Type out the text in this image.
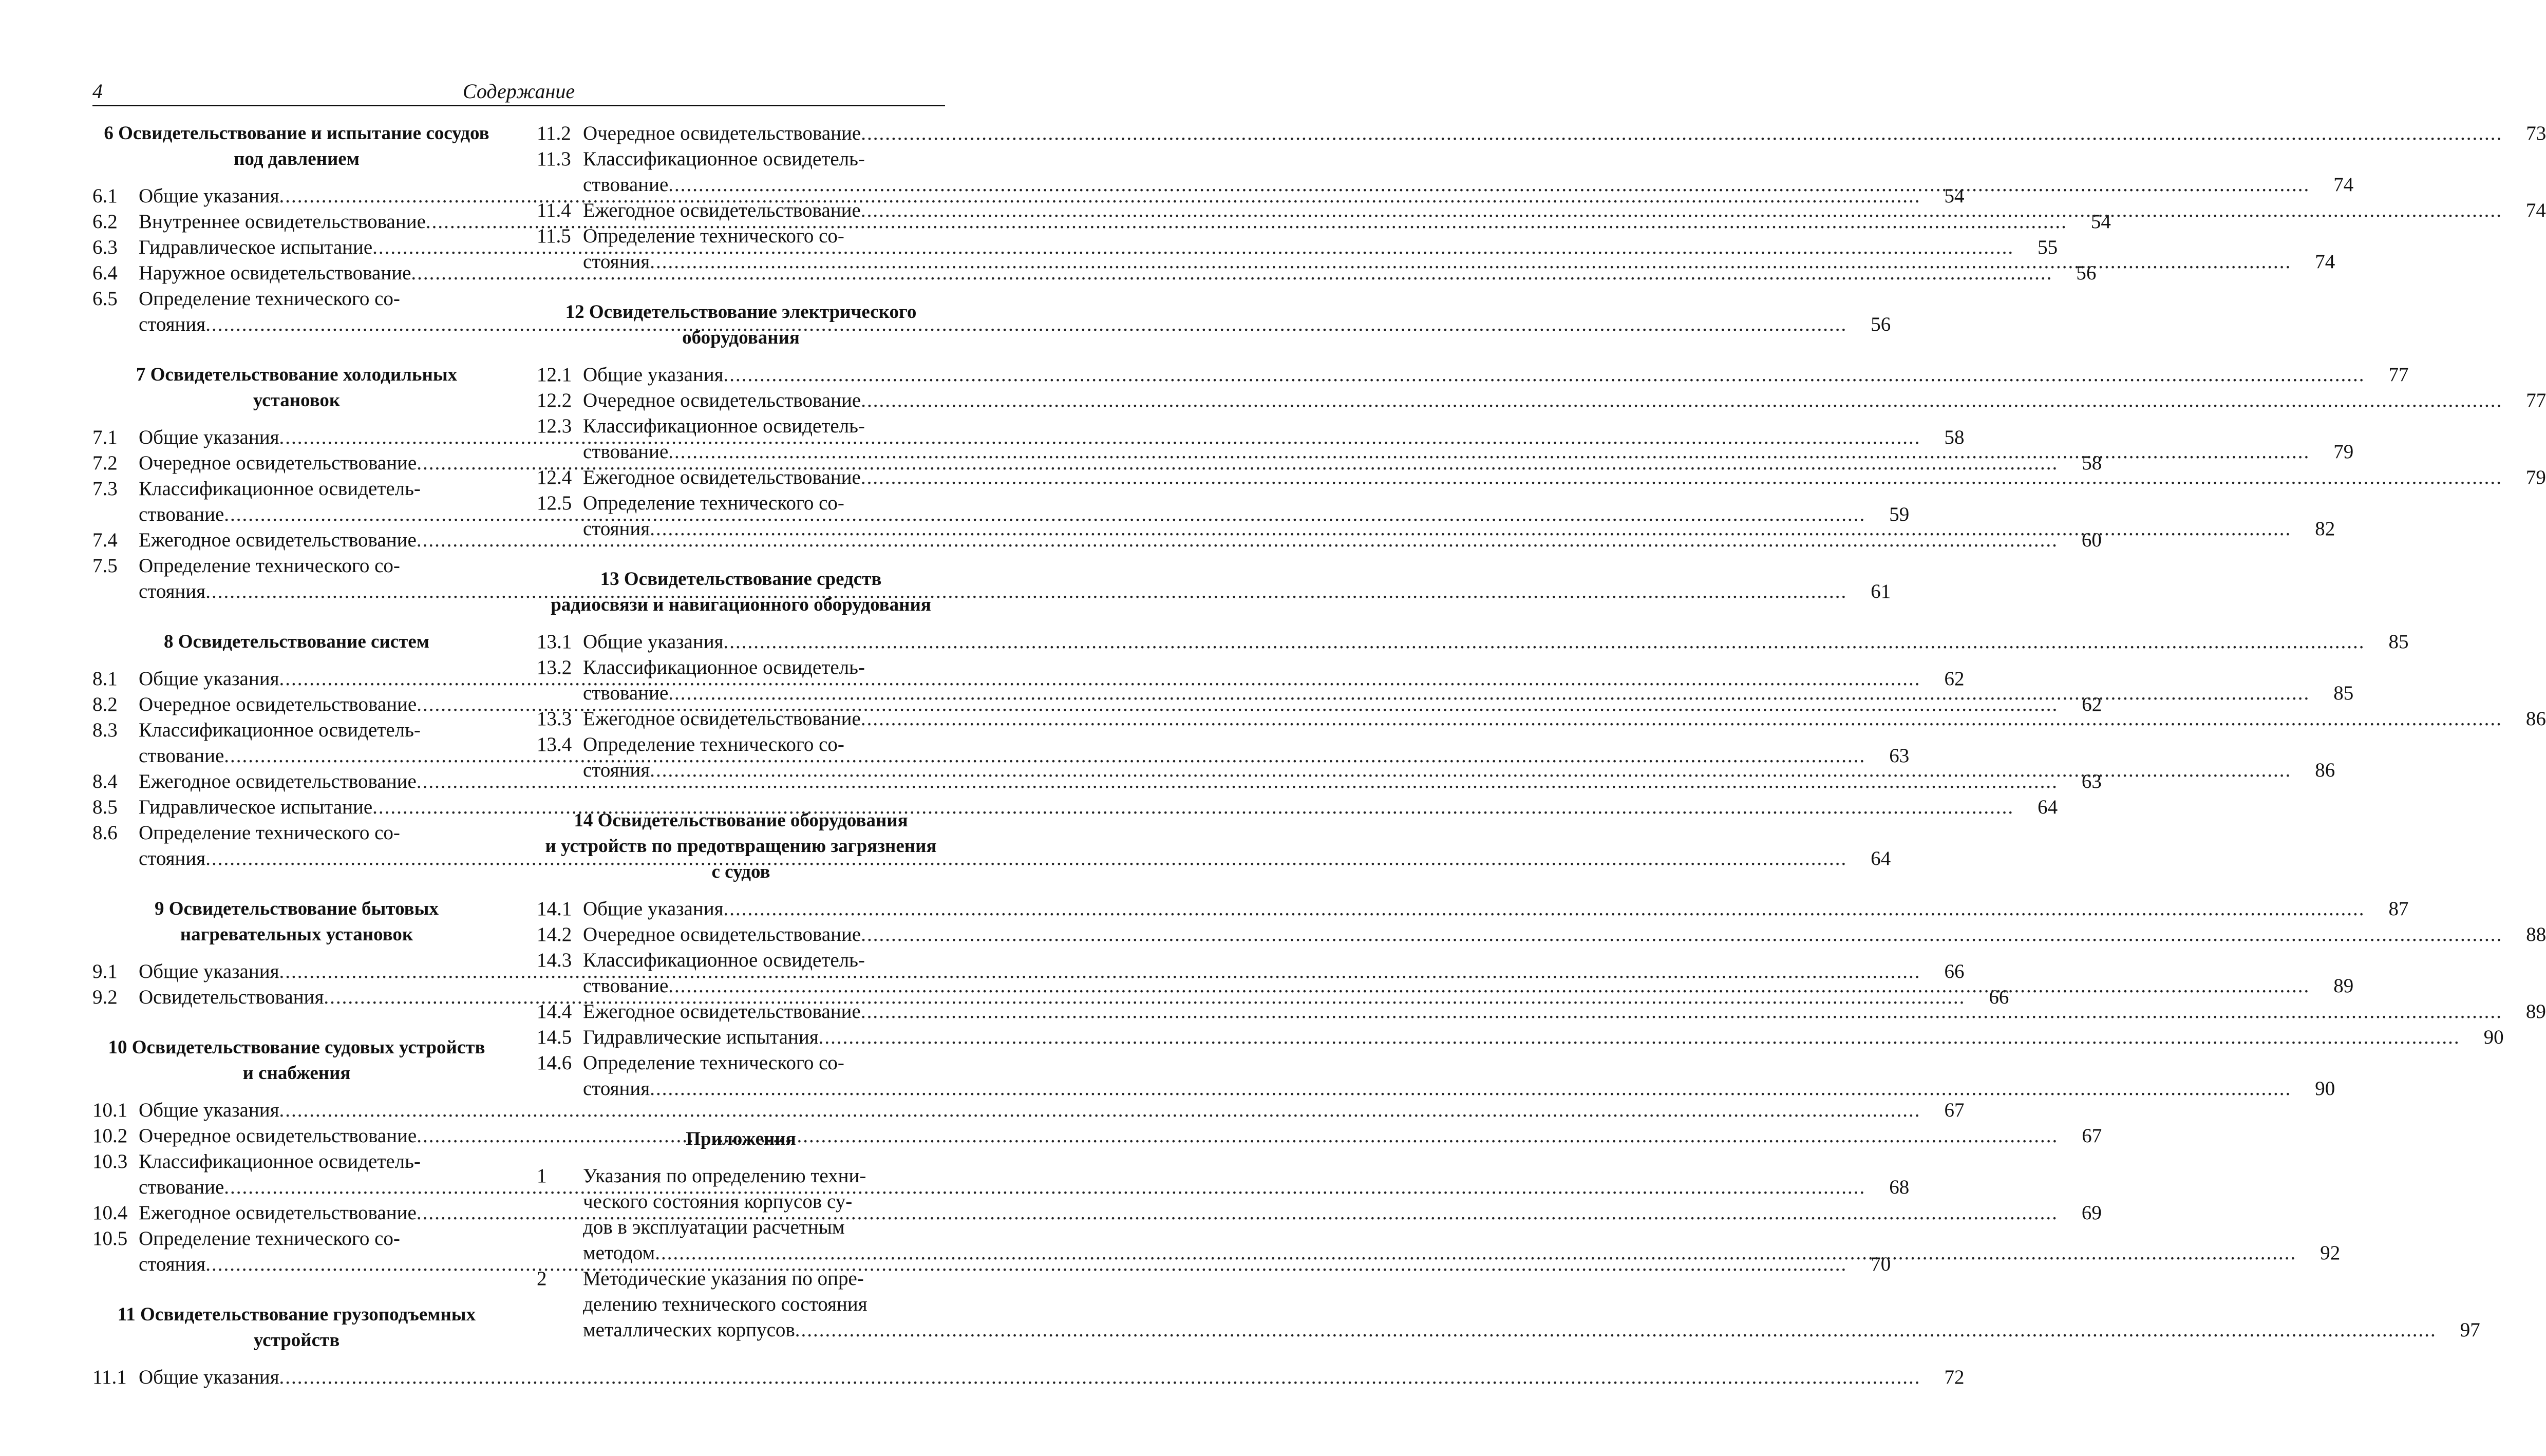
4	Содержание
6 Освидетельствование и испытание сосудов
под давлением
6.1	Общие указания .....	54
6.2	Внутреннее освидетельствование .....	54
6.3	Гидравлическое испытание .....	55
6.4	Наружное освидетельствование .....	56
6.5	Определение технического со-
стояния .....	56
7 Освидетельствование холодильных
установок
7.1	Общие указания .....	58
7.2	Очередное освидетельствование .....	58
7.3	Классификационное освидетель-
ствование .....	59
7.4	Ежегодное освидетельствование .....	60
7.5	Определение технического со-
стояния .....	61
8 Освидетельствование систем
8.1	Общие указания .....	62
8.2	Очередное освидетельствование .....	62
8.3	Классификационное освидетель-
ствование .....	63
8.4	Ежегодное освидетельствование .....	63
8.5	Гидравлическое испытание .....	64
8.6	Определение технического со-
стояния .....	64
9 Освидетельствование бытовых
нагревательных установок
9.1	Общие указания .....	66
9.2	Освидетельствования .....	66
10 Освидетельствование судовых устройств
и снабжения
10.1 Общие указания .....	67
10.2 Очередное освидетельствование .....	67
10.3 Классификационное освидетель-
ствование .....	68
10.4 Ежегодное освидетельствование .....	69
10.5 Определение технического со-
стояния .....	70
11 Освидетельствование грузоподъемных
устройств
11.1 Общие указания .....	72
11.2 Очередное освидетельствование .....	73
11.3 Классификационное освидетель-
ствование .....	74
11.4 Ежегодное освидетельствование .....	74
11.5 Определение технического со-
стояния .....	74
12 Освидетельствование электрического
оборудования
12.1 Общие указания .....	77
12.2 Очередное освидетельствование .....	77
12.3 Классификационное освидетель-
ствование .....	79
12.4 Ежегодное освидетельствование .....	79
12.5 Определение технического со-
стояния .....	82
13 Освидетельствование средств
радиосвязи и навигационного оборудования
13.1 Общие указания .....	85
13.2 Классификационное освидетель-
ствование .....	85
13.3 Ежегодное освидетельствование .....	86
13.4 Определение технического со-
стояния .....	86
14 Освидетельствование оборудования
и устройств по предотвращению загрязнения
с судов
14.1 Общие указания .....	87
14.2 Очередное освидетельствование .....	88
14.3 Классификационное освидетель-
ствование .....	89
14.4 Ежегодное освидетельствование .....	89
14.5 Гидравлические испытания .....	90
14.6 Определение технического со-
стояния .....	90
Приложения
1	Указания по определению техни-
ческого состояния корпусов су-
дов в эксплуатации расчетным
методом .....	92
2	Методические указания по опре-
делению технического состояния
металлических корпусов .....	97
